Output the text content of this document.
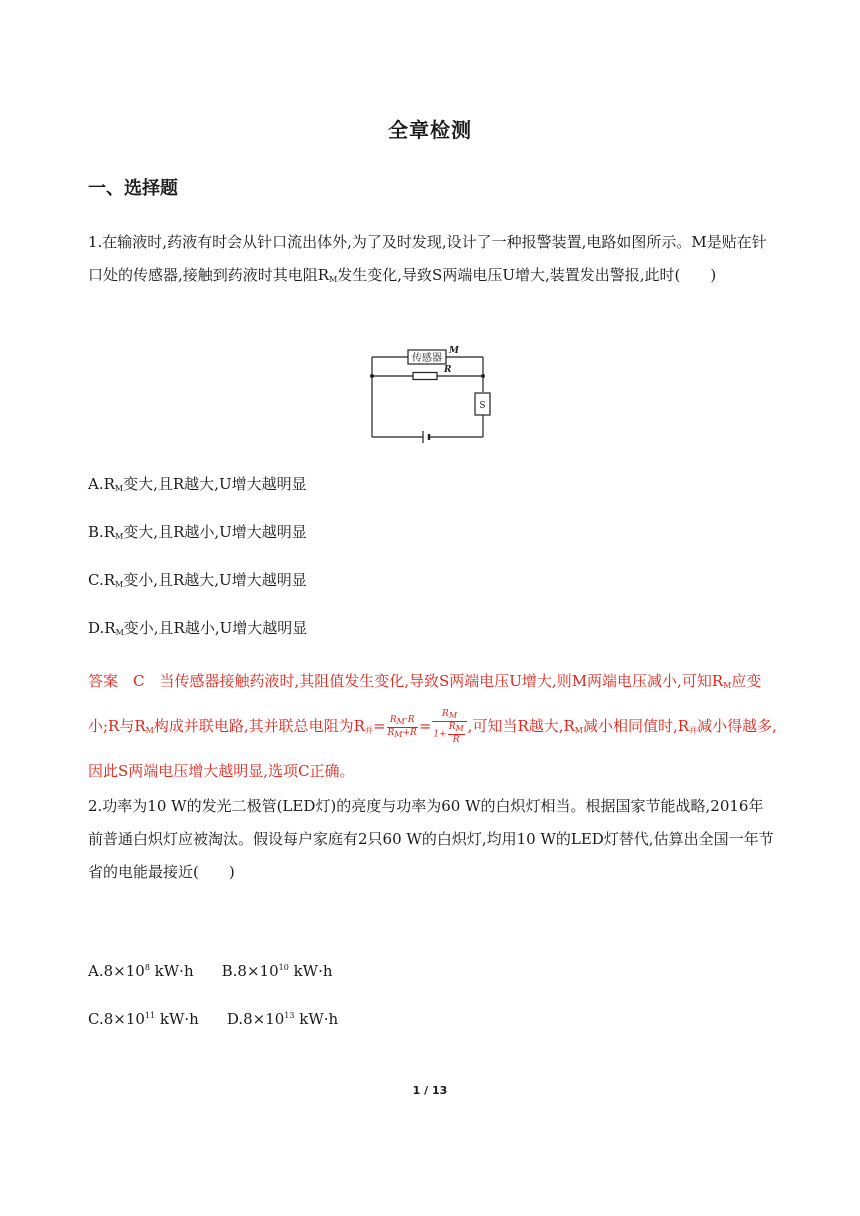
全章检测
一、选择题
1.在输液时,药液有时会从针口流出体外,为了及时发现,设计了一种报警装置,电路如图所示。M是贴在针口处的传感器,接触到药液时其电阻$R_M$发生变化,导致S两端电压U增大,装置发出警报,此时(　　)
传感器
M
R
S
$A.R_M$变大,且R越大,U增大越明显
$B.R_M$变大,且R越小,U增大越明显
$C.R_M$变小,且R越大,U增大越明显
$D.R_M$变小,且R越小,U增大越明显
答案　C　当传感器接触药液时,其阻值发生变化,导致S两端电压U增大,则M两端电压减小,可知$R_M$应变小;R与$R_M$构成并联电路,其并联总电阻为$R_并= \frac{R_M\cdot R}{R_M+R} = \frac{R_M}{1+ \frac{R_M}{R}}$ ,可知当R越大$,R_M$减小相同值时$,R_并$减小得越多,因此S两端电压增大越明显,选项C正确。
2.功率为10 W的发光二极管(LED灯)的亮度与功率为60 W的白炽灯相当。根据国家节能战略,2016年前普通白炽灯应被淘汰。假设每户家庭有2只60 W的白炽灯,均用10 W的LED灯替代,估算出全国一年节省的电能最接近(　　)
$A.8\times 10^8$ kW·h $B.8\times 10^{10}$ kW·h
$C.8\times 10^{11}$ kW·h $D.8\times 10^{13}$ kW·h
1 / 13
